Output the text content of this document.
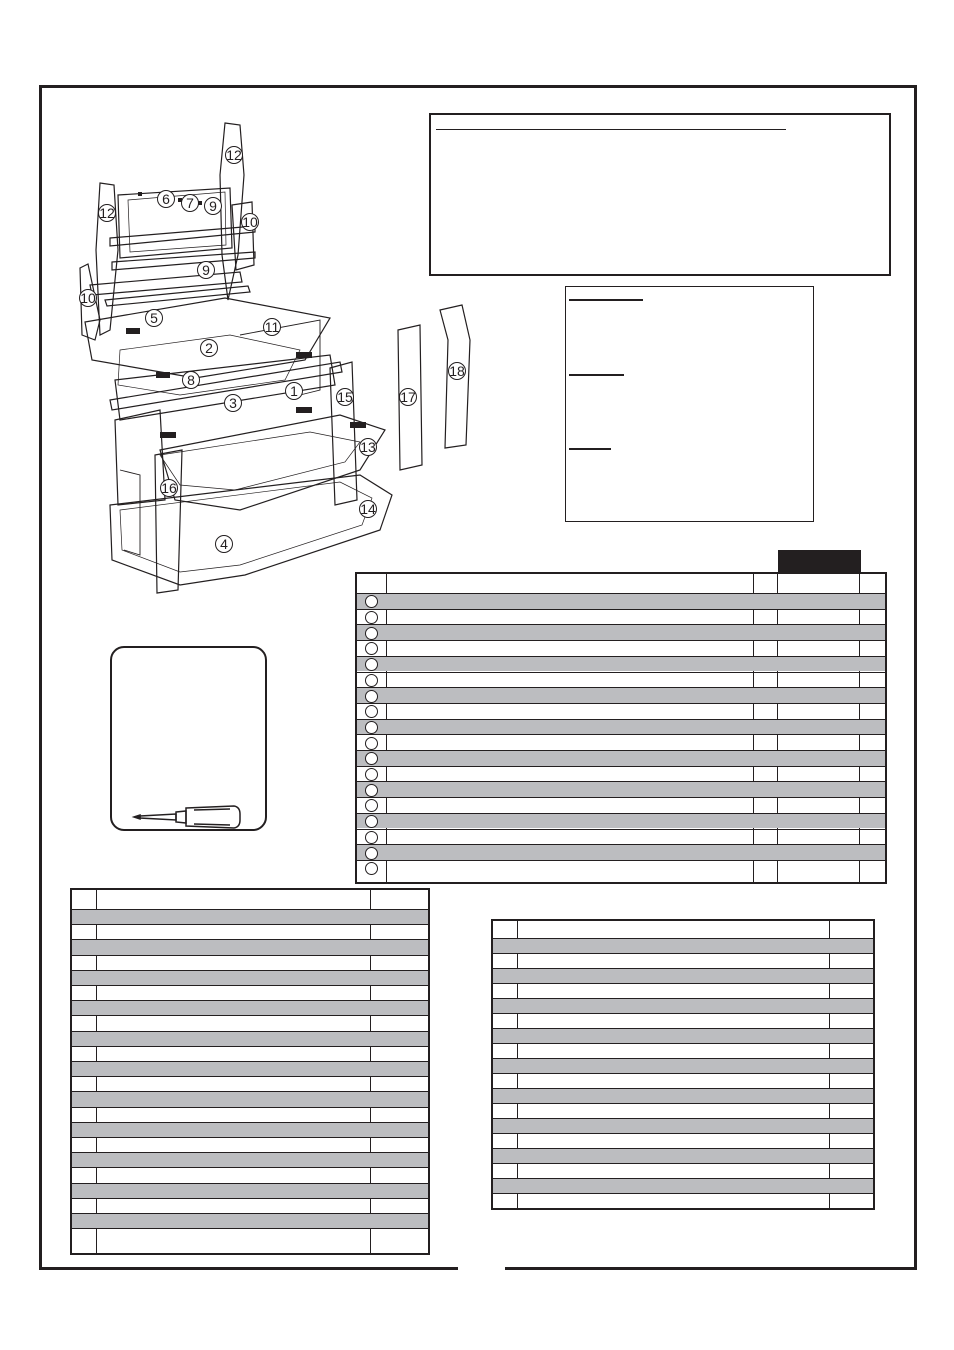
12
12
6 7 9
10
9
10
5
11
2
8
1
3	15	17
18
13
16
14
4
